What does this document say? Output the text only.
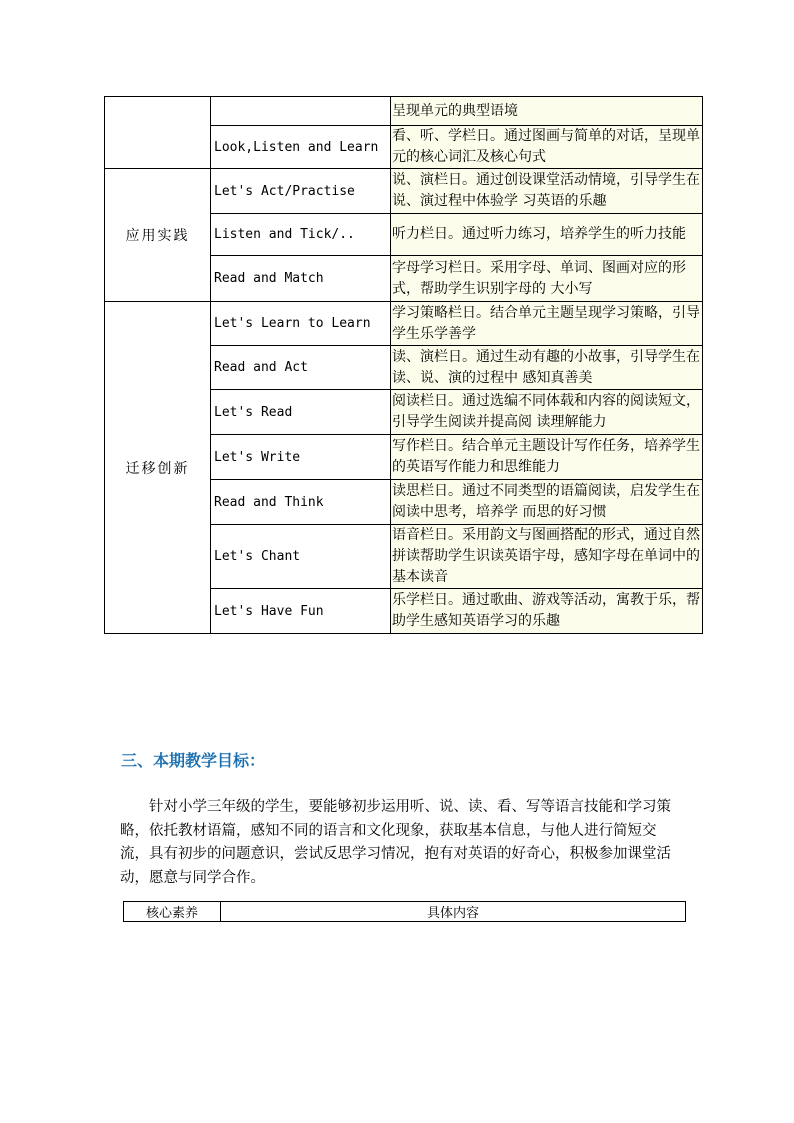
		呈现单元的典型语境
	Look,Listen and Learn	看、听、学栏日。通过图画与简单的对话，呈现单元的核心词汇及核心句式
应用实践	Let's Act/Practise	说、演栏日。通过创设课堂活动情境，引导学生在说、演过程中体验学 习英语的乐趣
	Listen and Tick/..	听力栏日。通过听力练习，培养学生的听力技能
	Read and Match	字母学习栏日。采用字母、单词、图画对应的形式，帮助学生识别字母的 大小写
迁移创新	Let's Learn to Learn	学习策略栏日。结合单元主题呈现学习策略，引导学生乐学善学
	Read and Act	读、演栏日。通过生动有趣的小故事，引导学生在读、说、演的过程中 感知真善美
	Let's Read	阅读栏日。通过选编不同体载和内容的阅读短文，引导学生阅读并提高阅 读理解能力
	Let's Write	写作栏日。结合单元主题设计写作任务，培养学生的英语写作能力和思维能力
	Read and Think	读思栏日。通过不同类型的语篇阅读，启发学生在阅读中思考，培养学 而思的好习惯
	Let's Chant	语音栏日。采用韵文与图画搭配的形式，通过自然拼读帮助学生识读英语宇母，感知字母在单词中的基本读音
	Let's Have Fun	乐学栏日。通过歌曲、游戏等活动，寓教于乐，帮助学生感知英语学习的乐趣
三、本期教学目标：

针对小学三年级的学生，要能够初步运用听、说、读、看、写等语言技能和学习策略，依托教材语篇，感知不同的语言和文化现象，获取基本信息，与他人进行简短交流，具有初步的问题意识，尝试反思学习情况，抱有对英语的好奇心，积极参加课堂活动，愿意与同学合作。

核心素养	具体内容
